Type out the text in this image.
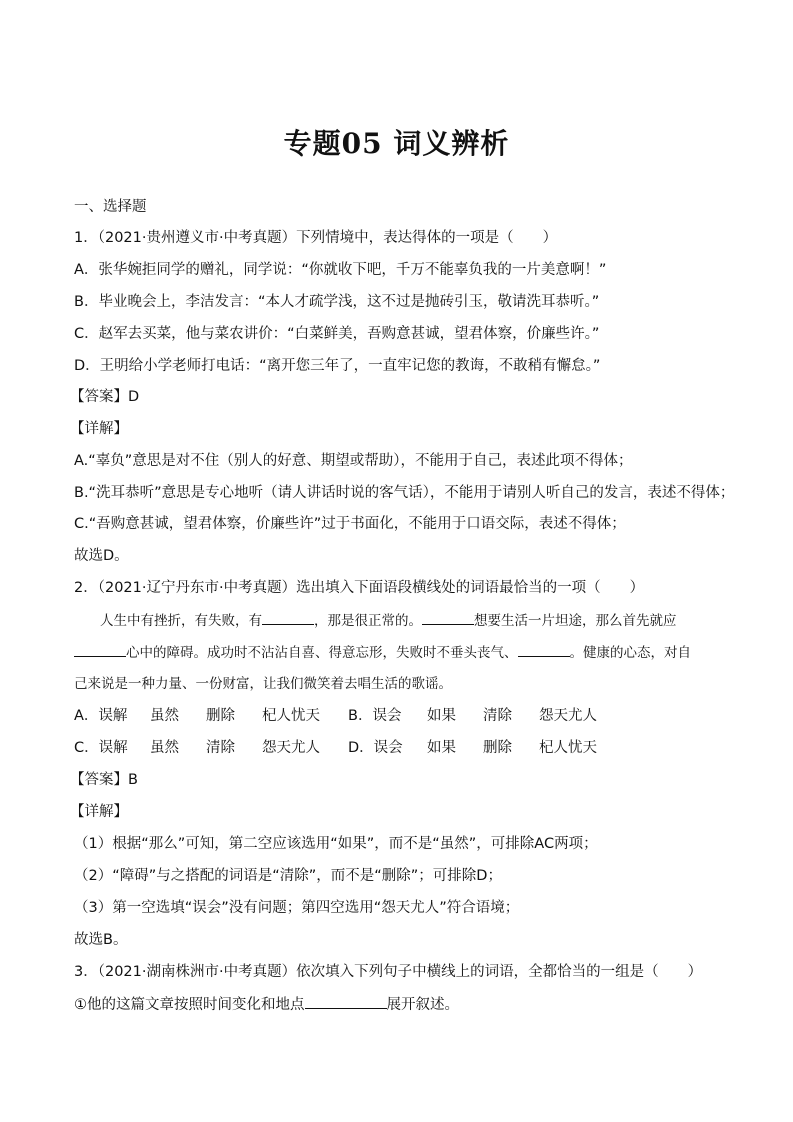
专题05 词义辨析
一、选择题
1．（2021·贵州遵义市·中考真题）下列情境中，表达得体的一项是（　　）
A．张华婉拒同学的赠礼，同学说：“你就收下吧，千万不能辜负我的一片美意啊！”
B．毕业晚会上，李洁发言：“本人才疏学浅，这不过是抛砖引玉，敬请洗耳恭听。”
C．赵军去买菜，他与菜农讲价：“白菜鲜美，吾购意甚诚，望君体察，价廉些许。”
D．王明给小学老师打电话：“离开您三年了，一直牢记您的教诲，不敢稍有懈怠。”
【答案】D
【详解】
A.“辜负”意思是对不住（别人的好意、期望或帮助），不能用于自己，表述此项不得体；
B.“洗耳恭听”意思是专心地听（请人讲话时说的客气话），不能用于请别人听自己的发言，表述不得体；
C.“吾购意甚诚，望君体察，价廉些许”过于书面化，不能用于口语交际，表述不得体；
故选D。
2．（2021·辽宁丹东市·中考真题）选出填入下面语段横线处的词语最恰当的一项（　　）
人生中有挫折，有失败，有	，那是很正常的。	想要生活一片坦途，那么首先就应
心中的障碍。成功时不沾沾自喜、得意忘形，失败时不垂头丧气、	。健康的心态，对自
己来说是一种力量、一份财富，让我们微笑着去唱生活的歌谣。
A．误解 虽然 删除 杞人忧天 B．误会 如果 清除 怨天尤人
C．误解 虽然 清除 怨天尤人 D．误会 如果 删除 杞人忧天
【答案】B
【详解】
（1）根据“那么”可知，第二空应该选用“如果”，而不是“虽然”，可排除AC两项；
（2）“障碍”与之搭配的词语是“清除”，而不是“删除”；可排除D；
（3）第一空选填“误会”没有问题；第四空选用“怨天尤人”符合语境；
故选B。
3．（2021·湖南株洲市·中考真题）依次填入下列句子中横线上的词语，全都恰当的一组是（　　）
①他的这篇文章按照时间变化和地点	展开叙述。
